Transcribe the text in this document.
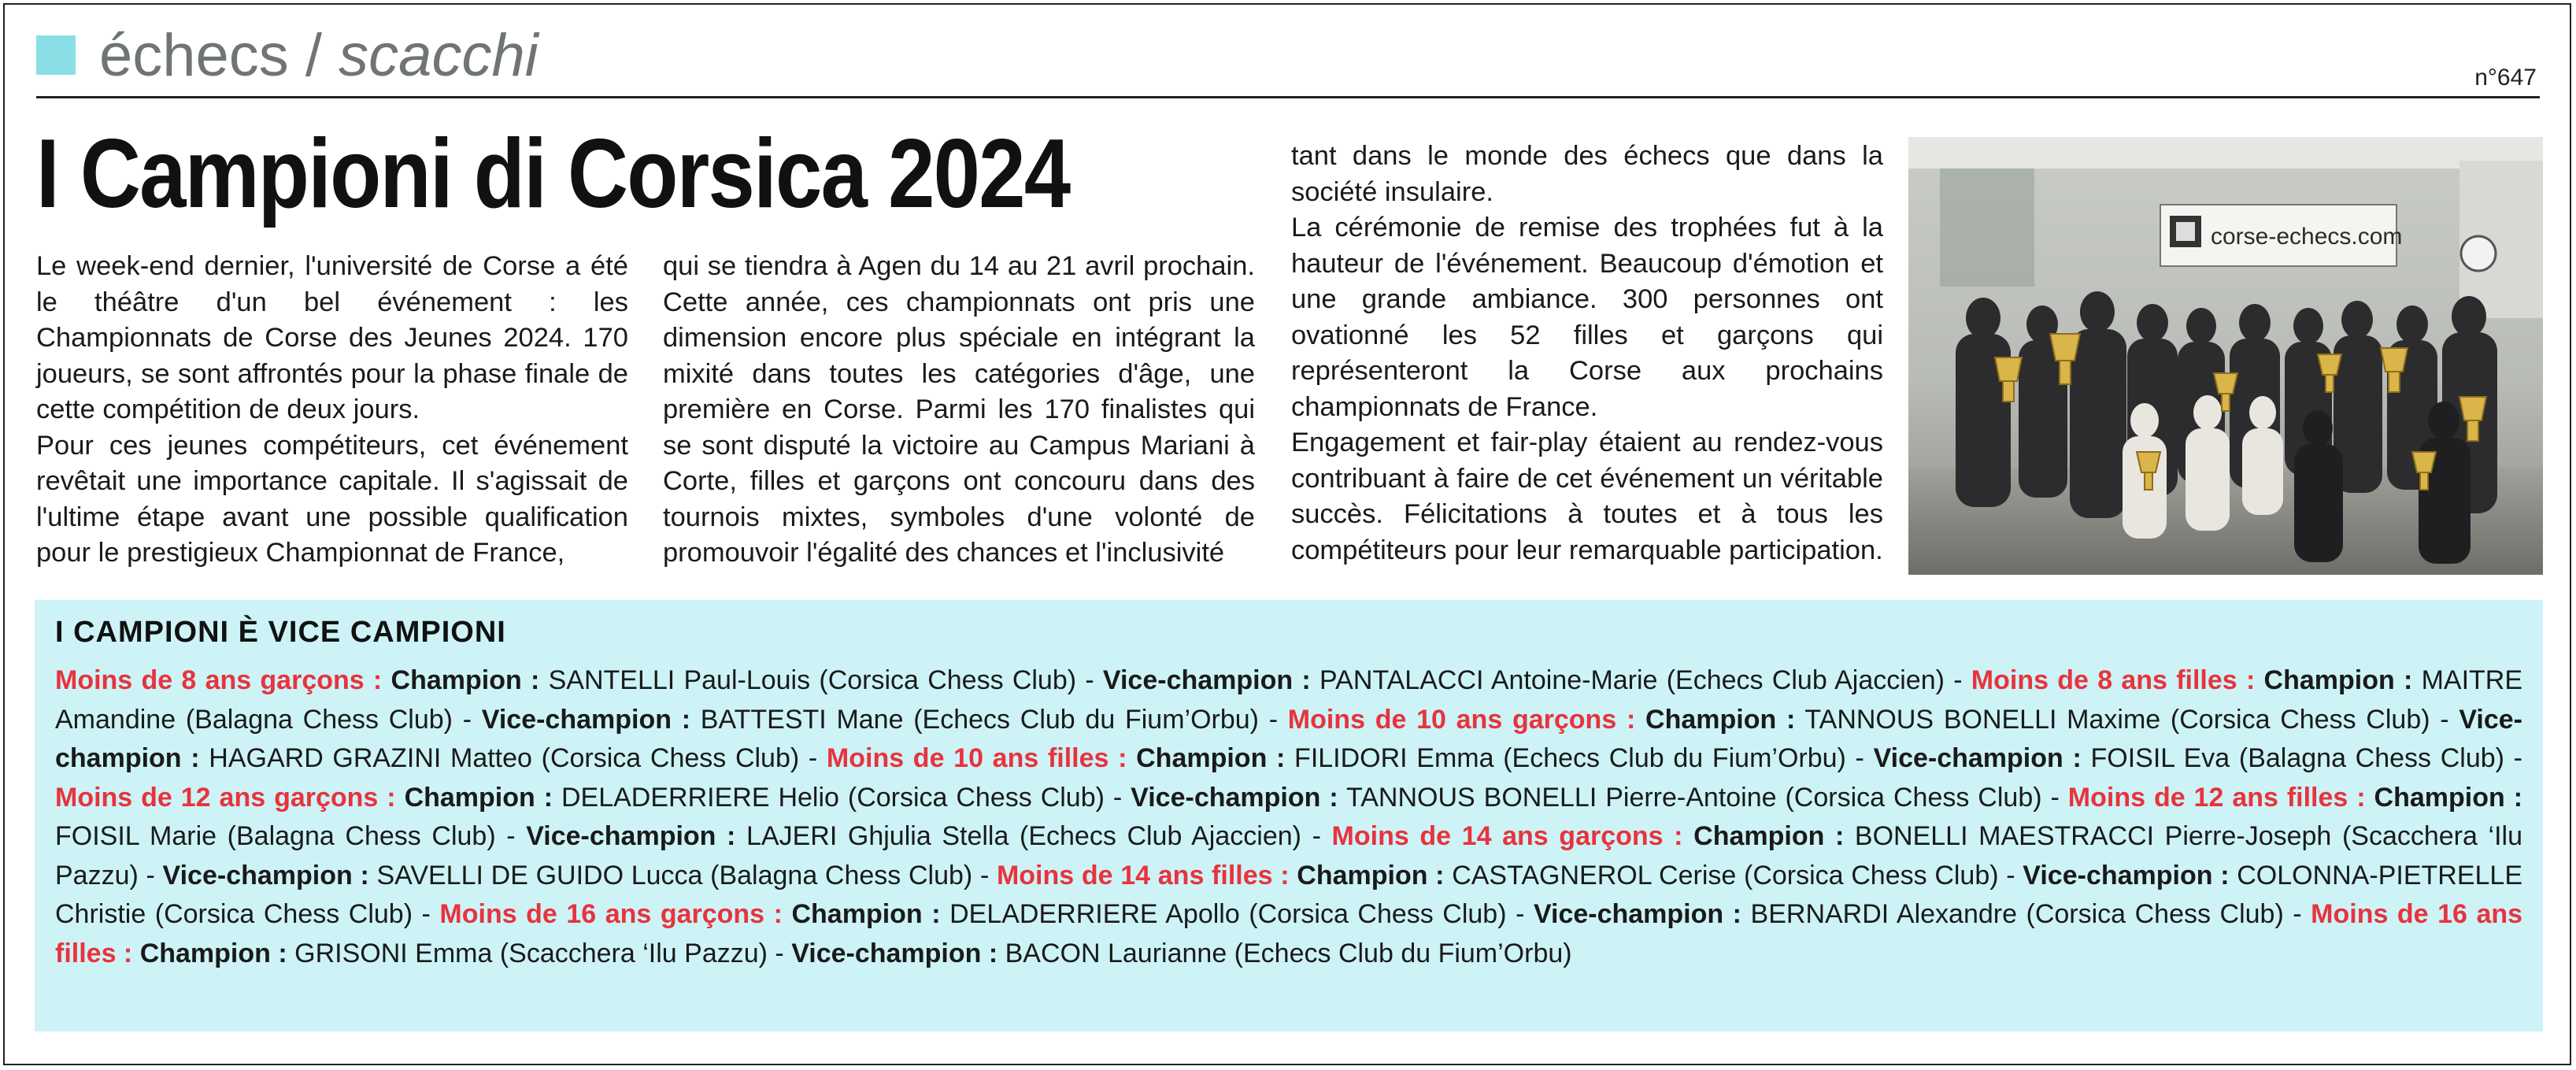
échecs / scacchi	n°647
I Campioni di Corsica 2024

Le week-end dernier, l'université de Corse a été le théâtre d'un bel événement : les Championnats de Corse des Jeunes 2024. 170 joueurs, se sont affrontés pour la phase finale de cette compétition de deux jours.

Pour ces jeunes compétiteurs, cet événement revêtait une importance capitale. Il s'agissait de l'ultime étape avant une possible qualification pour le prestigieux Championnat de France,

qui se tiendra à Agen du 14 au 21 avril prochain. Cette année, ces championnats ont pris une dimension encore plus spéciale en intégrant la mixité dans toutes les catégories d'âge, une première en Corse. Parmi les 170 finalistes qui se sont disputé la victoire au Campus Mariani à Corte, filles et garçons ont concouru dans des tournois mixtes, symboles d'une volonté de promouvoir l'égalité des chances et l'inclusivité

tant dans le monde des échecs que dans la société insulaire.

La cérémonie de remise des trophées fut à la hauteur de l'événement. Beaucoup d'émotion et une grande ambiance. 300 personnes ont ovationné les 52 filles et garçons qui représenteront la Corse aux prochains championnats de France.

Engagement et fair-play étaient au rendez-vous contribuant à faire de cet événement un véritable succès. Félicitations à toutes et à tous les compétiteurs pour leur remarquable participation.

corse-echecs.com
I CAMPIONI È VICE CAMPIONI
Moins de 8 ans garçons : Champion : SANTELLI Paul-Louis (Corsica Chess Club) - Vice-champion : PANTALACCI Antoine-Marie (Echecs Club Ajaccien) - Moins de 8 ans filles : Champion : MAITRE Amandine (Balagna Chess Club) - Vice-champion : BATTESTI Mane (Echecs Club du Fium’Orbu) - Moins de 10 ans garçons : Champion : TANNOUS BONELLI Maxime (Corsica Chess Club) - Vice-champion : HAGARD GRAZINI Matteo (Corsica Chess Club) - Moins de 10 ans filles : Champion : FILIDORI Emma (Echecs Club du Fium’Orbu) - Vice-champion : FOISIL Eva (Balagna Chess Club) - Moins de 12 ans garçons : Champion : DELADERRIERE Helio (Corsica Chess Club) - Vice-champion : TANNOUS BONELLI Pierre-Antoine (Corsica Chess Club) - Moins de 12 ans filles : Champion : FOISIL Marie (Balagna Chess Club) - Vice-champion : LAJERI Ghjulia Stella (Echecs Club Ajaccien) - Moins de 14 ans garçons : Champion : BONELLI MAESTRACCI Pierre-Joseph (Scacchera ‘Ilu Pazzu) - Vice-champion : SAVELLI DE GUIDO Lucca (Balagna Chess Club) - Moins de 14 ans filles : Champion : CASTAGNEROL Cerise (Corsica Chess Club) - Vice-champion : COLONNA-PIETRELLE Christie (Corsica Chess Club) - Moins de 16 ans garçons : Champion : DELADERRIERE Apollo (Corsica Chess Club) - Vice-champion : BERNARDI Alexandre (Corsica Chess Club) - Moins de 16 ans filles : Champion : GRISONI Emma (Scacchera ‘Ilu Pazzu) - Vice-champion : BACON Laurianne (Echecs Club du Fium’Orbu)
